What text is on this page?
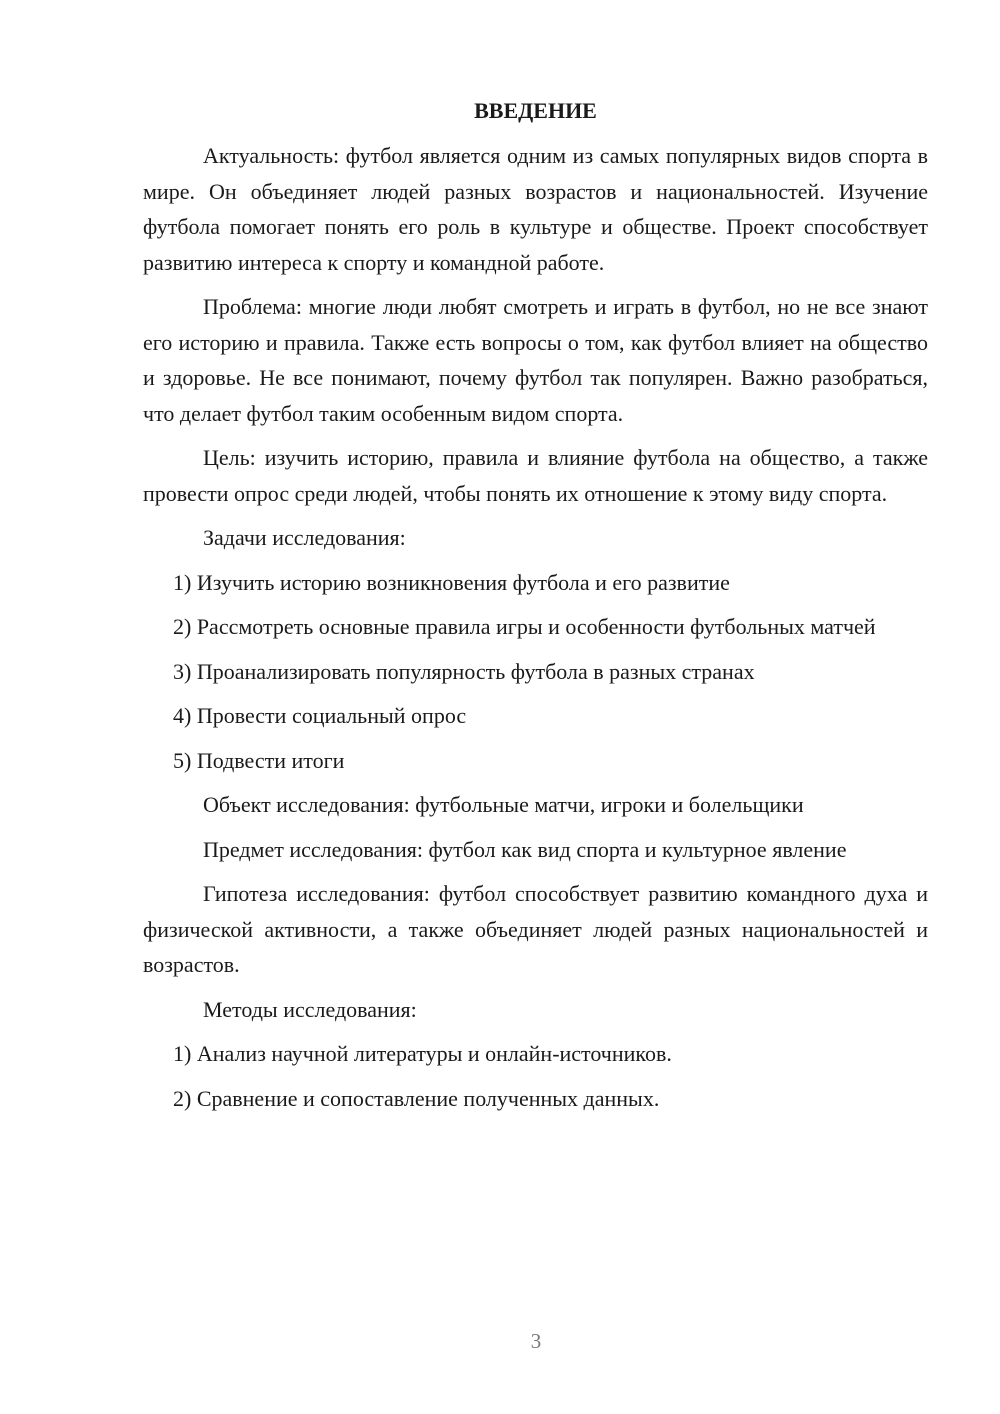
ВВЕДЕНИЕ
Актуальность: футбол является одним из самых популярных видов спорта в мире. Он объединяет людей разных возрастов и национальностей. Изучение футбола помогает понять его роль в культуре и обществе. Проект способствует развитию интереса к спорту и командной работе.
Проблема: многие люди любят смотреть и играть в футбол, но не все знают его историю и правила. Также есть вопросы о том, как футбол влияет на общество и здоровье. Не все понимают, почему футбол так популярен. Важно разобраться, что делает футбол таким особенным видом спорта.
Цель: изучить историю, правила и влияние футбола на общество, а также провести опрос среди людей, чтобы понять их отношение к этому виду спорта.
Задачи исследования:
1) Изучить историю возникновения футбола и его развитие
2) Рассмотреть основные правила игры и особенности футбольных матчей
3) Проанализировать популярность футбола в разных странах
4) Провести социальный опрос
5) Подвести итоги
Объект исследования: футбольные матчи, игроки и болельщики
Предмет исследования: футбол как вид спорта и культурное явление
Гипотеза исследования: футбол способствует развитию командного духа и физической активности, а также объединяет людей разных национальностей и возрастов.
Методы исследования:
1) Анализ научной литературы и онлайн-источников.
2) Сравнение и сопоставление полученных данных.
3
